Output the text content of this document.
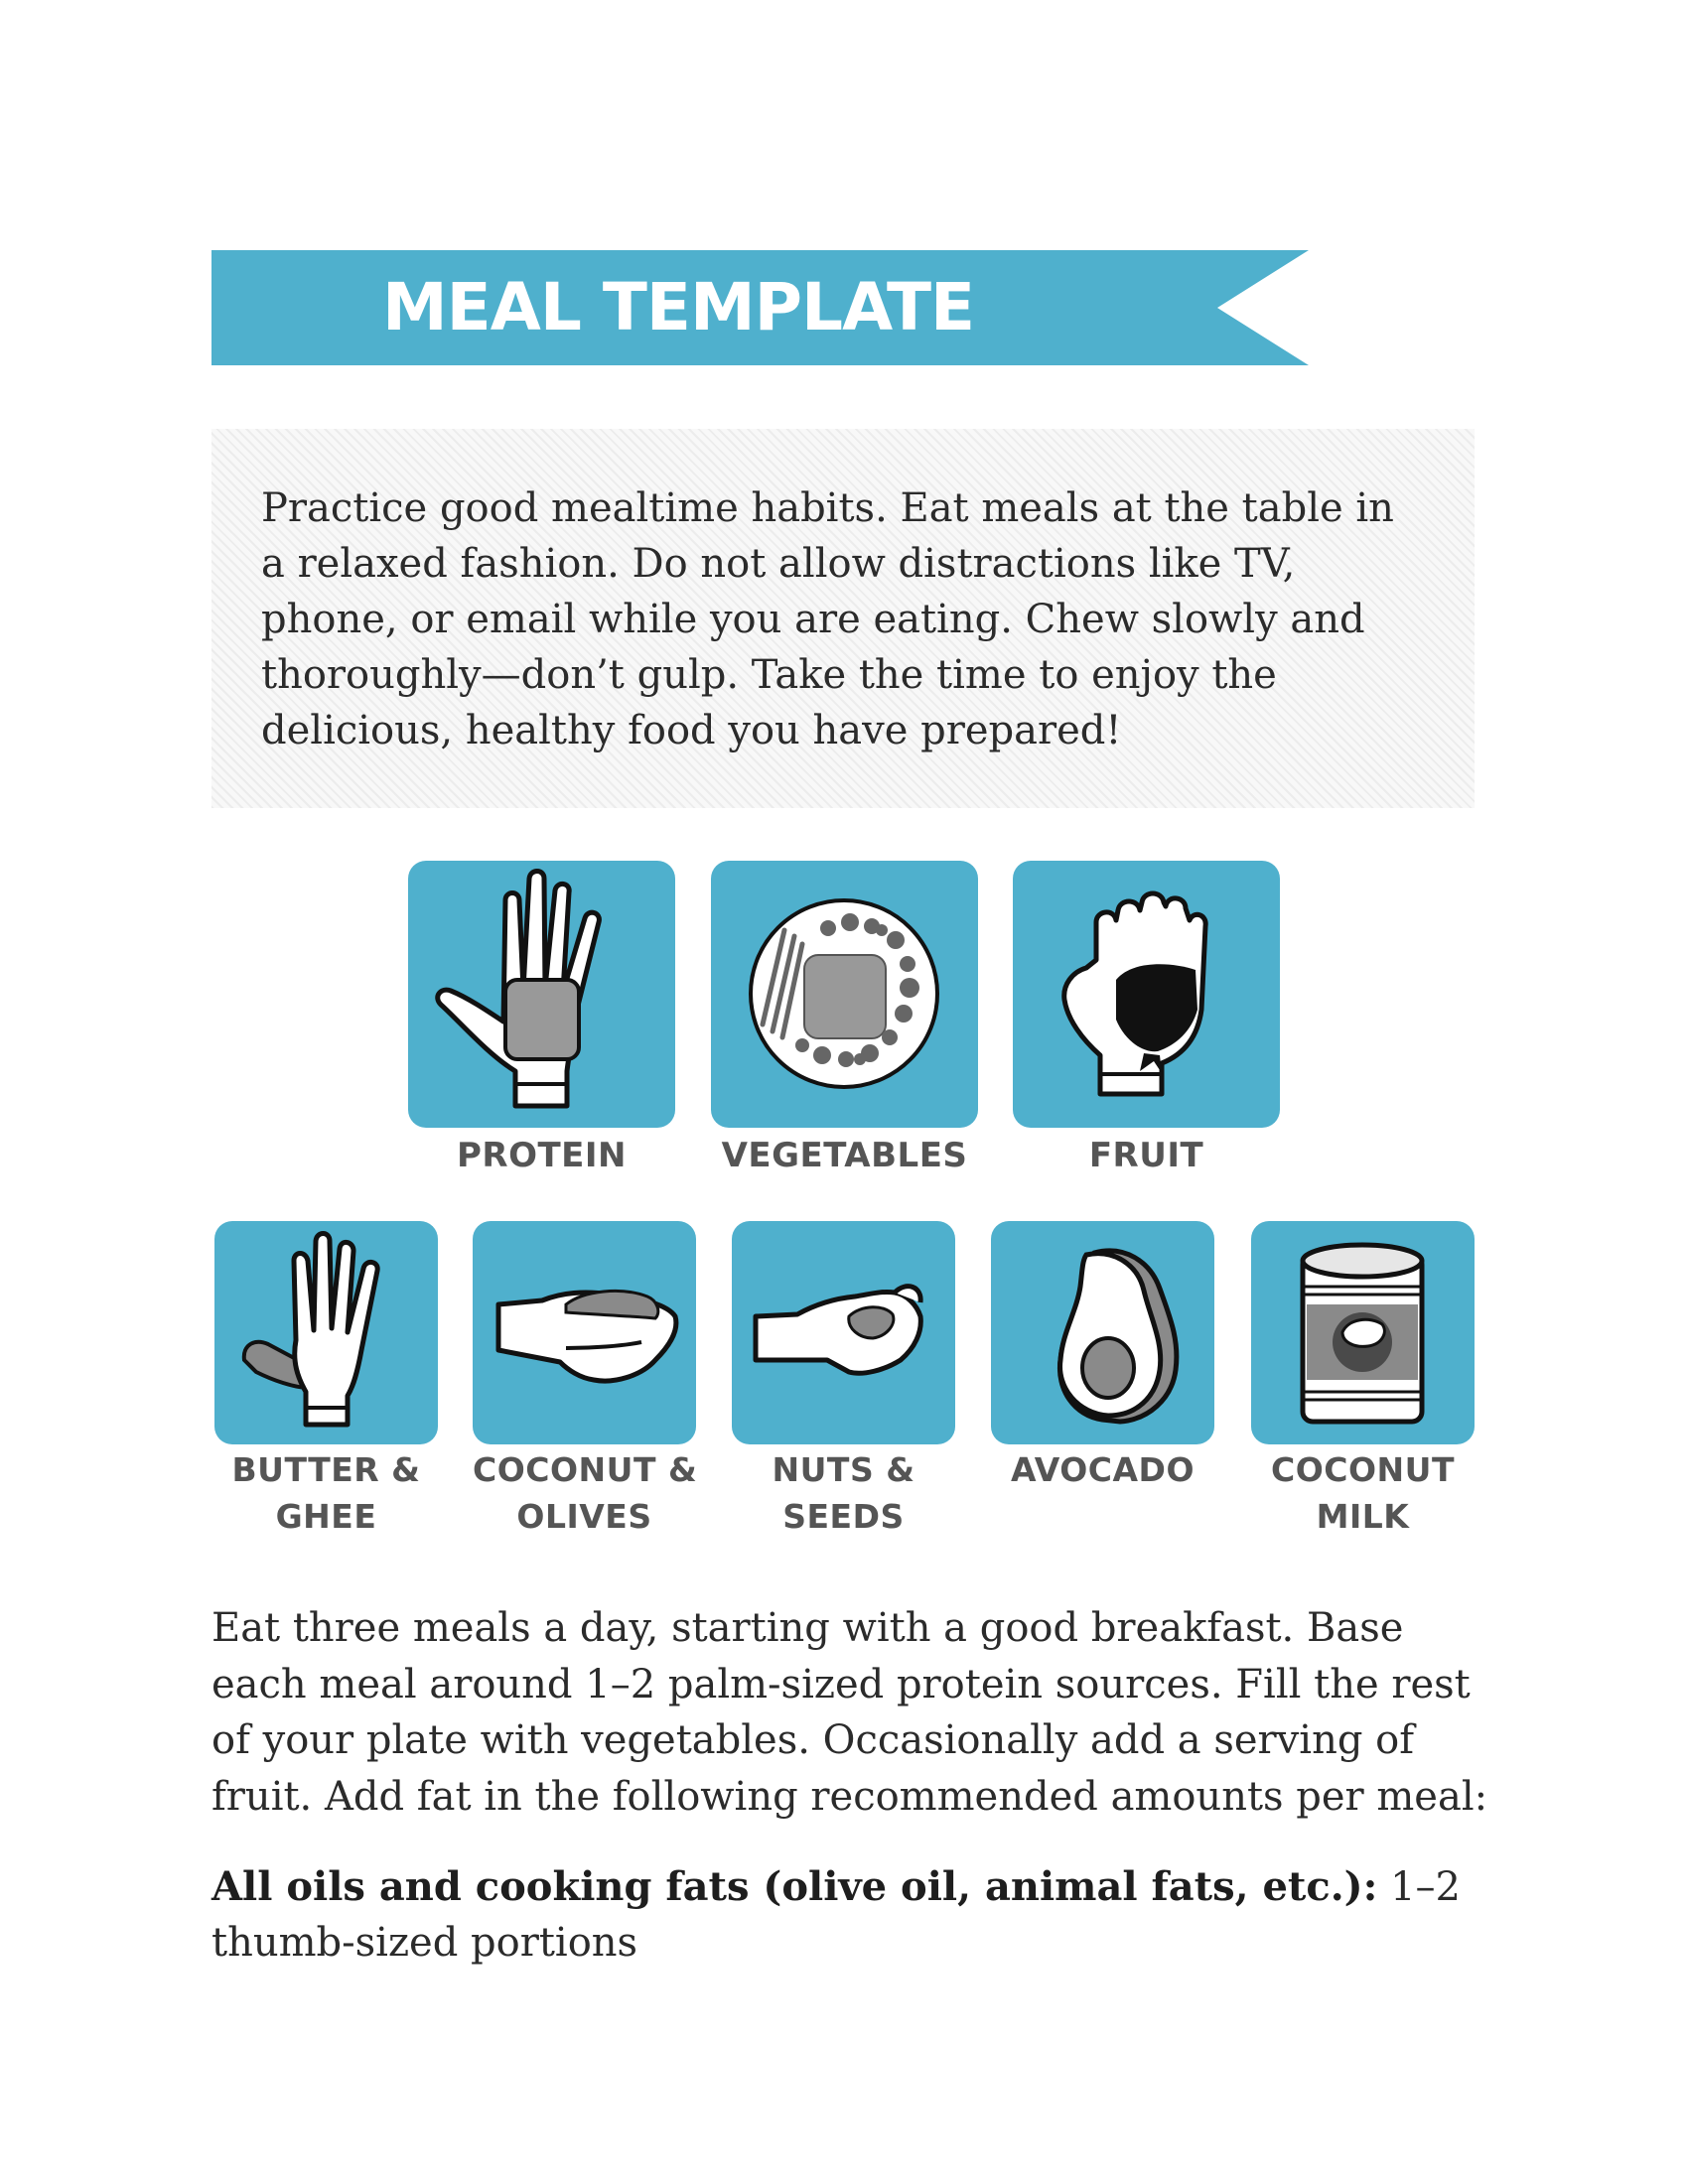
MEAL TEMPLATE

Practice good mealtime habits. Eat meals at the table in a relaxed fashion. Do not allow distractions like TV, phone, or email while you are eating. Chew slowly and thoroughly—don’t gulp. Take the time to enjoy the delicious, healthy food you have prepared!

PROTEIN	VEGETABLES	FRUIT
BUTTER &
GHEE
COCONUT &
OLIVES
NUTS &
SEEDS
AVOCADO	COCONUT
MILK

Eat three meals a day, starting with a good breakfast. Base each meal around 1–2 palm-sized protein sources. Fill the rest of your plate with vegetables. Occasionally add a serving of fruit. Add fat in the following recommended amounts per meal:

All oils and cooking fats (olive oil, animal fats, etc.): 1–2 thumb-sized portions
